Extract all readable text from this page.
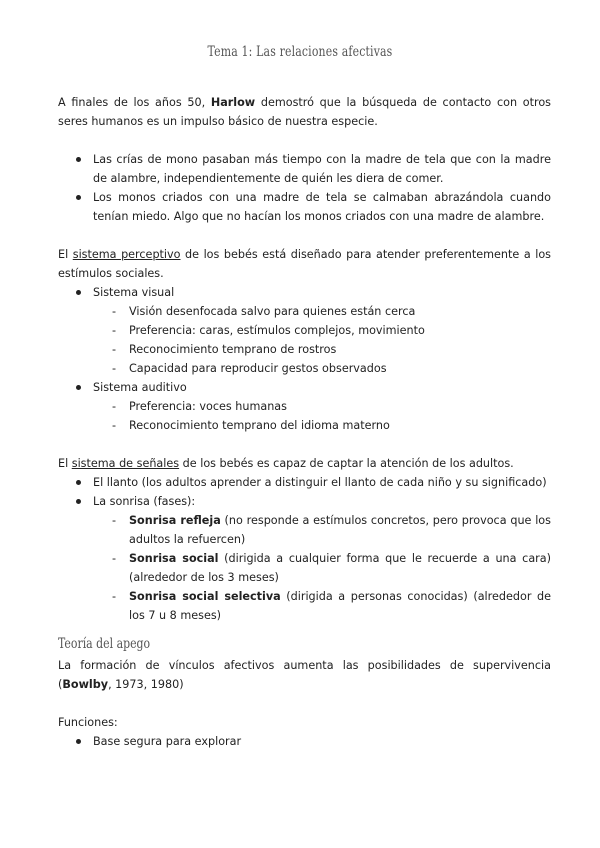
Tema 1: Las relaciones afectivas

A finales de los años 50, Harlow demostró que la búsqueda de contacto con otros seres humanos es un impulso básico de nuestra especie.

Las crías de mono pasaban más tiempo con la madre de tela que con la madre de alambre, independientemente de quién les diera de comer.
Los monos criados con una madre de tela se calmaban abrazándola cuando tenían miedo. Algo que no hacían los monos criados con una madre de alambre.

El sistema perceptivo de los bebés está diseñado para atender preferentemente a los estímulos sociales.

Sistema visual
- Visión desenfocada salvo para quienes están cerca
- Preferencia: caras, estímulos complejos, movimiento
- Reconocimiento temprano de rostros
- Capacidad para reproducir gestos observados
Sistema auditivo
- Preferencia: voces humanas
- Reconocimiento temprano del idioma materno

El sistema de señales de los bebés es capaz de captar la atención de los adultos.

El llanto (los adultos aprender a distinguir el llanto de cada niño y su significado)
La sonrisa (fases):
- Sonrisa refleja (no responde a estímulos concretos, pero provoca que los adultos la refuercen)
- Sonrisa social (dirigida a cualquier forma que le recuerde a una cara) (alrededor de los 3 meses)
- Sonrisa social selectiva (dirigida a personas conocidas) (alrededor de los 7 u 8 meses)
Teoría del apego

La formación de vínculos afectivos aumenta las posibilidades de supervivencia (Bowlby, 1973, 1980)

Funciones:

Base segura para explorar
